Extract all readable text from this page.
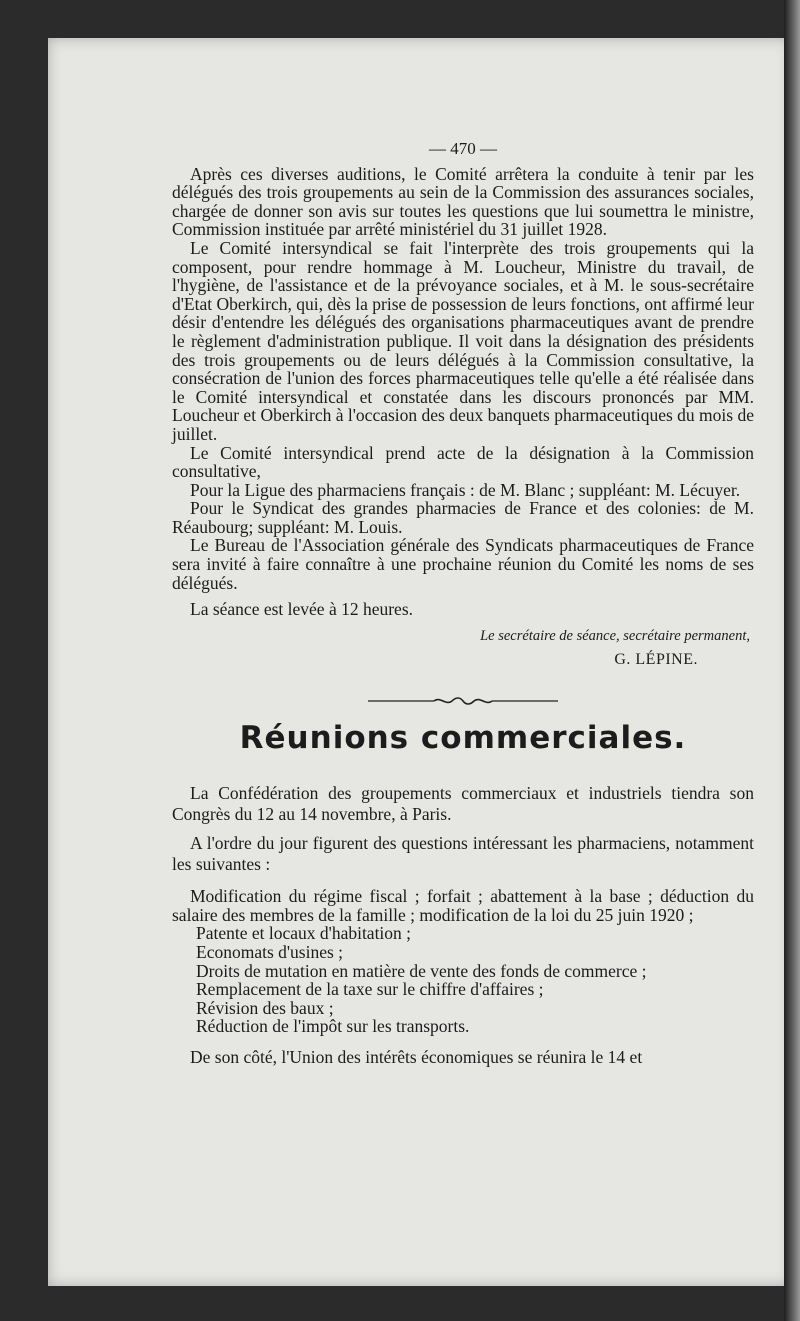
— 470 —

Après ces diverses auditions, le Comité arrêtera la conduite à tenir par les délégués des trois groupements au sein de la Commission des assurances sociales, chargée de donner son avis sur toutes les questions que lui soumettra le ministre, Commission instituée par arrêté ministériel du 31 juillet 1928.

Le Comité intersyndical se fait l'interprète des trois groupements qui la composent, pour rendre hommage à M. Loucheur, Ministre du travail, de l'hygiène, de l'assistance et de la prévoyance sociales, et à M. le sous-secrétaire d'Etat Oberkirch, qui, dès la prise de possession de leurs fonctions, ont affirmé leur désir d'entendre les délégués des organisations pharmaceutiques avant de prendre le règlement d'administration publique. Il voit dans la désignation des présidents des trois groupements ou de leurs délégués à la Commission consultative, la consécration de l'union des forces pharmaceutiques telle qu'elle a été réalisée dans le Comité intersyndical et constatée dans les discours prononcés par MM. Loucheur et Oberkirch à l'occasion des deux banquets pharmaceutiques du mois de juillet.

Le Comité intersyndical prend acte de la désignation à la Commission consultative,

Pour la Ligue des pharmaciens français : de M. Blanc ; suppléant: M. Lécuyer.

Pour le Syndicat des grandes pharmacies de France et des colonies: de M. Réaubourg; suppléant: M. Louis.

Le Bureau de l'Association générale des Syndicats pharmaceutiques de France sera invité à faire connaître à une prochaine réunion du Comité les noms de ses délégués.

La séance est levée à 12 heures.

Le secrétaire de séance, secrétaire permanent,
G. LÉPINE.
Réunions commerciales.

La Confédération des groupements commerciaux et industriels tiendra son Congrès du 12 au 14 novembre, à Paris.

A l'ordre du jour figurent des questions intéressant les pharmaciens, notamment les suivantes :

Modification du régime fiscal ; forfait ; abattement à la base ; déduction du salaire des membres de la famille ; modification de la loi du 25 juin 1920 ;

Patente et locaux d'habitation ;
Economats d'usines ;
Droits de mutation en matière de vente des fonds de commerce ;
Remplacement de la taxe sur le chiffre d'affaires ;
Révision des baux ;
Réduction de l'impôt sur les transports.

De son côté, l'Union des intérêts économiques se réunira le 14 et
